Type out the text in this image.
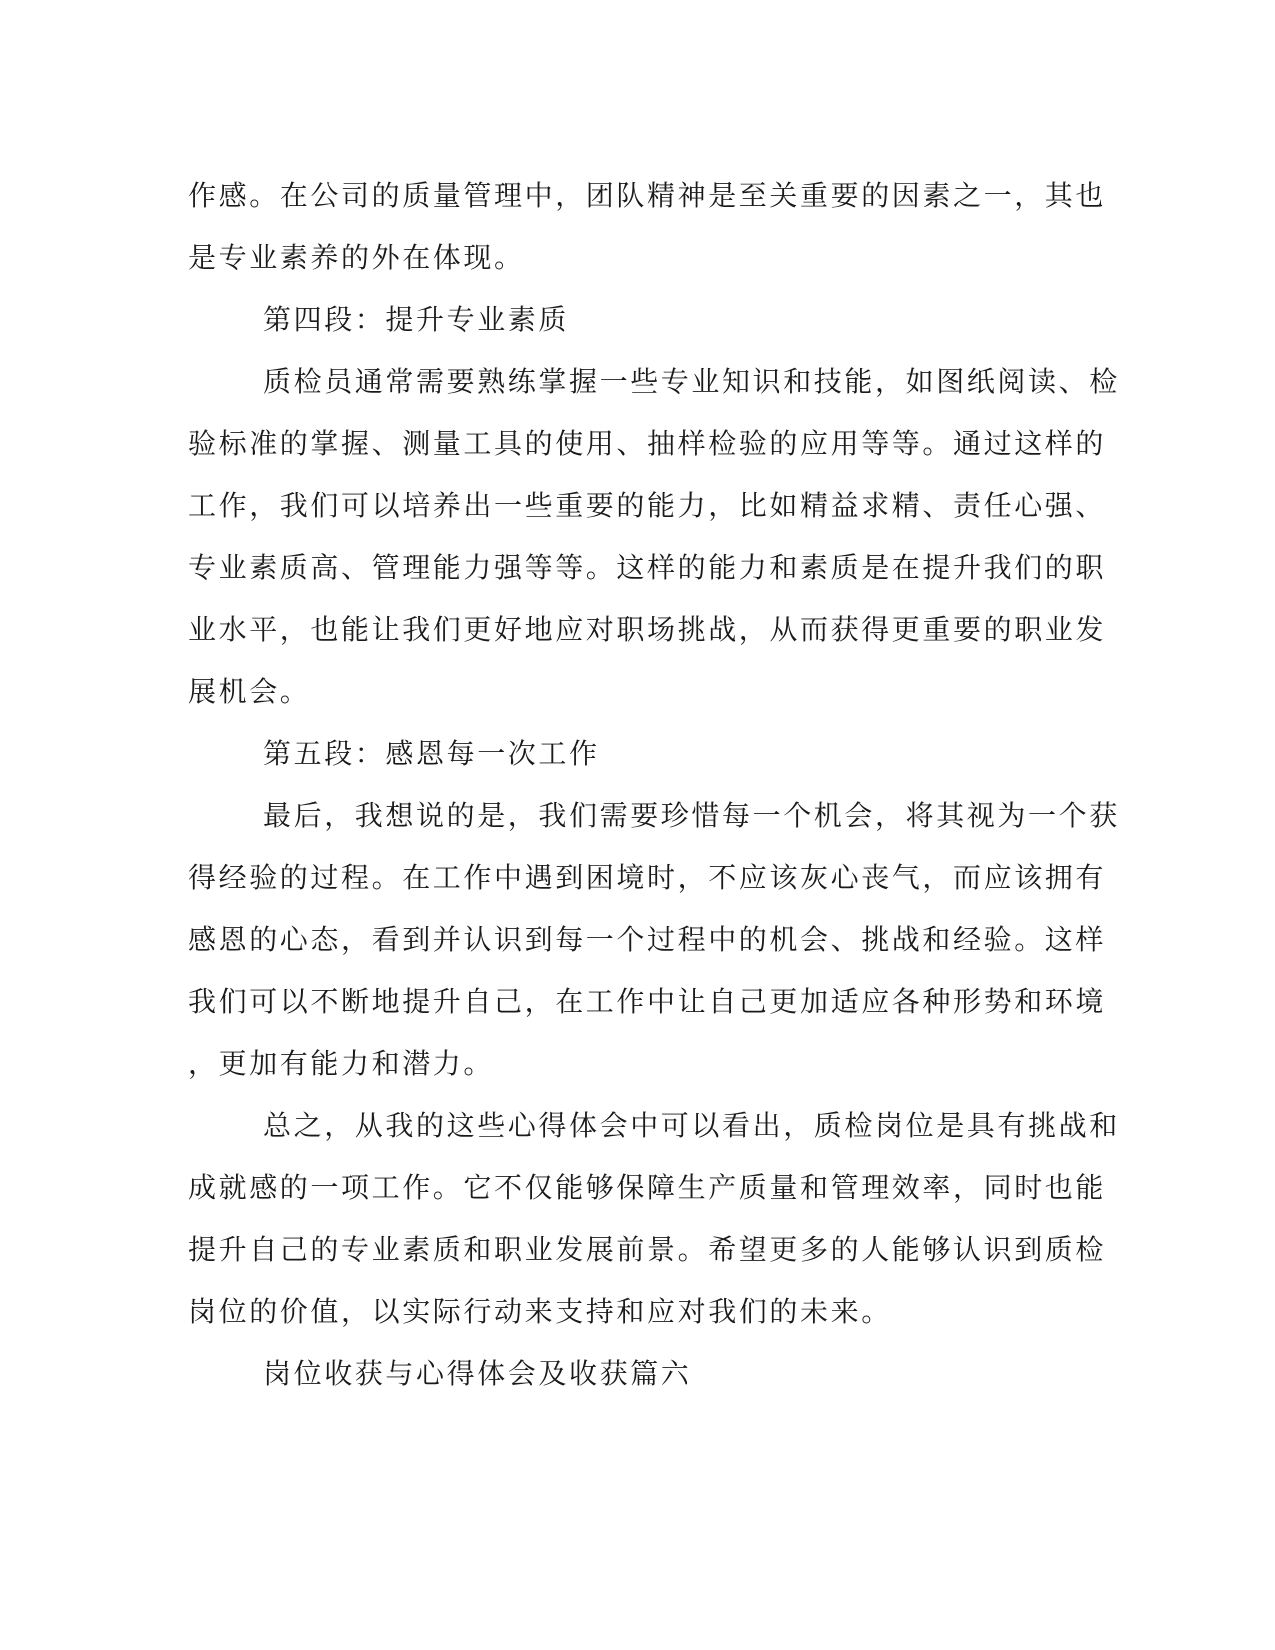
作感。在公司的质量管理中，团队精神是至关重要的因素之一，其也
是专业素养的外在体现。
第四段：提升专业素质
质检员通常需要熟练掌握一些专业知识和技能，如图纸阅读、检
验标准的掌握、测量工具的使用、抽样检验的应用等等。通过这样的
工作，我们可以培养出一些重要的能力，比如精益求精、责任心强、
专业素质高、管理能力强等等。这样的能力和素质是在提升我们的职
业水平，也能让我们更好地应对职场挑战，从而获得更重要的职业发
展机会。
第五段：感恩每一次工作
最后，我想说的是，我们需要珍惜每一个机会，将其视为一个获
得经验的过程。在工作中遇到困境时，不应该灰心丧气，而应该拥有
感恩的心态，看到并认识到每一个过程中的机会、挑战和经验。这样
我们可以不断地提升自己，在工作中让自己更加适应各种形势和环境
，更加有能力和潜力。
总之，从我的这些心得体会中可以看出，质检岗位是具有挑战和
成就感的一项工作。它不仅能够保障生产质量和管理效率，同时也能
提升自己的专业素质和职业发展前景。希望更多的人能够认识到质检
岗位的价值，以实际行动来支持和应对我们的未来。
岗位收获与心得体会及收获篇六
